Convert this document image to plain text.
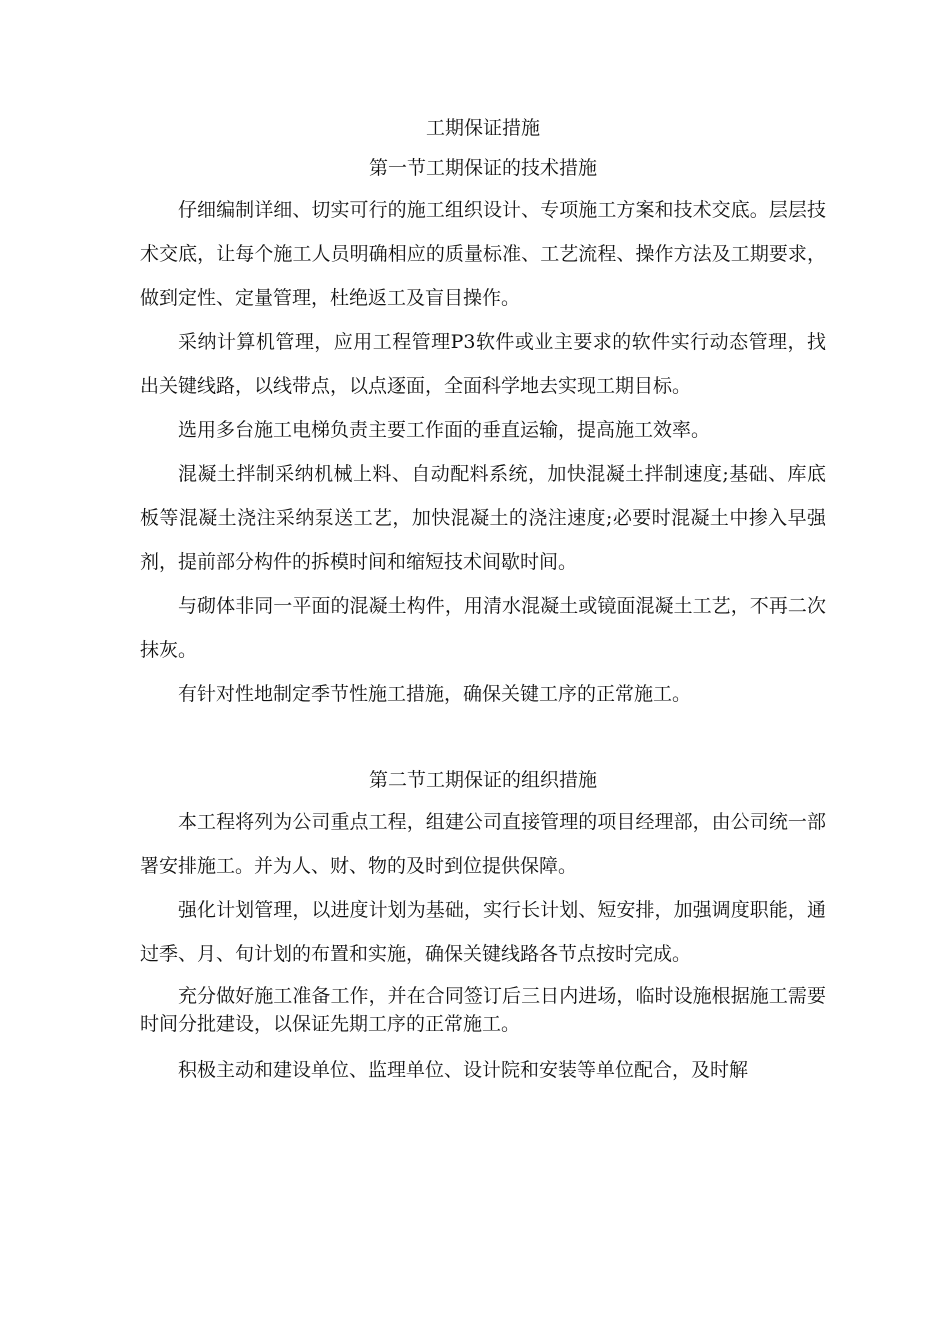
工期保证措施
第一节工期保证的技术措施

仔细编制详细、切实可行的施工组织设计、专项施工方案和技术交底。层层技术交底，让每个施工人员明确相应的质量标准、工艺流程、操作方法及工期要求，做到定性、定量管理，杜绝返工及盲目操作。

采纳计算机管理，应用工程管理P3软件或业主要求的软件实行动态管理，找出关键线路，以线带点，以点逐面，全面科学地去实现工期目标。

选用多台施工电梯负责主要工作面的垂直运输，提高施工效率。

混凝土拌制采纳机械上料、自动配料系统，加快混凝土拌制速度;基础、库底板等混凝土浇注采纳泵送工艺，加快混凝土的浇注速度;必要时混凝土中掺入早强剂，提前部分构件的拆模时间和缩短技术间歇时间。

与砌体非同一平面的混凝土构件，用清水混凝土或镜面混凝土工艺，不再二次抹灰。

有针对性地制定季节性施工措施，确保关键工序的正常施工。

第二节工期保证的组织措施

本工程将列为公司重点工程，组建公司直接管理的项目经理部，由公司统一部署安排施工。并为人、财、物的及时到位提供保障。

强化计划管理，以进度计划为基础，实行长计划、短安排，加强调度职能，通过季、月、旬计划的布置和实施，确保关键线路各节点按时完成。

充分做好施工准备工作，并在合同签订后三日内进场，临时设施根据施工需要时间分批建设，以保证先期工序的正常施工。

积极主动和建设单位、监理单位、设计院和安装等单位配合，及时解
